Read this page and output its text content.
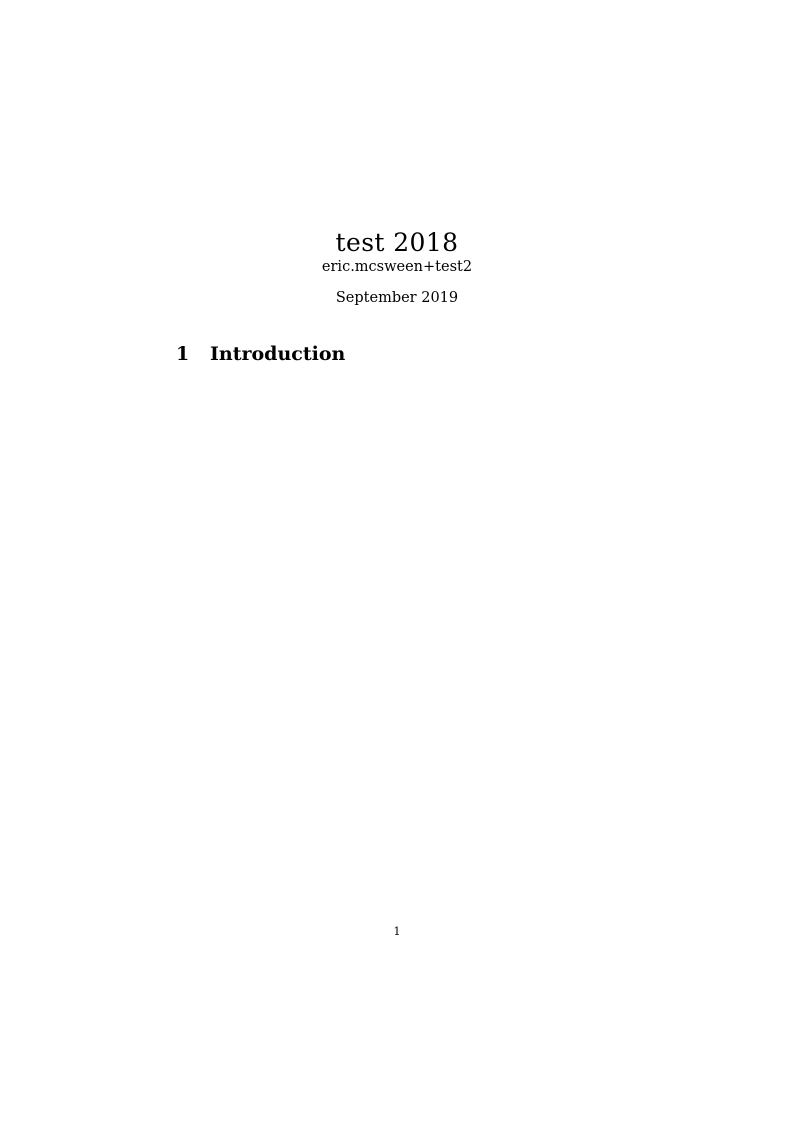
test 2018
eric.mcsween+test2
September 2019
1 Introduction
1
